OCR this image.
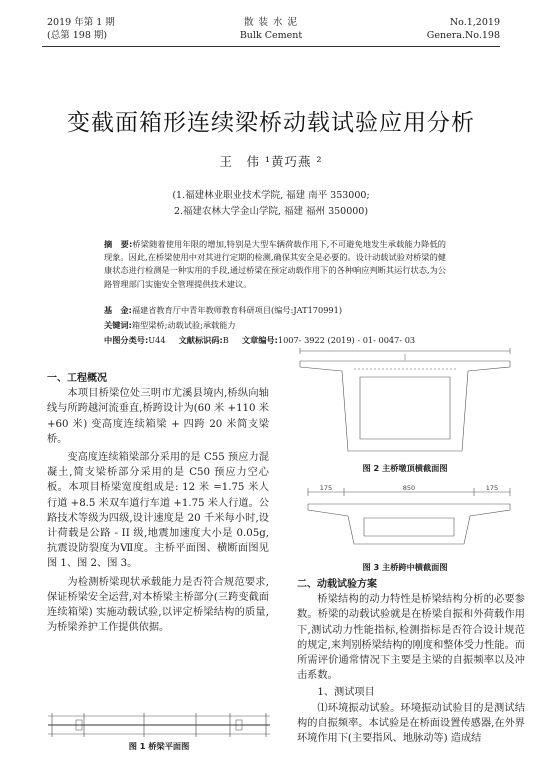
2019 年第 1 期
(总第 198 期)
散 装 水 泥
Bulk Cement
No.1,2019
Genera.No.198
变截面箱形连续梁桥动载试验应用分析
王　伟 ¹黄巧燕 ²
(1.福建林业职业技术学院, 福建 南平 353000;
2.福建农林大学金山学院, 福建 福州 350000)
摘　要:桥梁随着使用年限的增加,特别是大型车辆荷载作用下,不可避免地发生承载能力降低的现象。因此,在桥梁使用中对其进行定期的检测,确保其安全是必要的。设计动载试验对桥梁的健康状态进行检测是一种实用的手段,通过桥梁在预定动载作用下的各种响应判断其运行状态,为公路管理部门实施安全管理提供技术建议。
基　金:福建省教育厅中青年教师教育科研项目(编号:JAT170991)
关键词:箱型梁桥;动载试验;承载能力
中图分类号:U44 文献标识码:B 文章编号:1007- 3922 (2019) - 01- 0047- 03
一、工程概况

本项目桥梁位处三明市尤溪县境内,桥纵向轴线与所跨越河流垂直,桥跨设计为(60 米 +110 米 +60 米) 变高度连续箱梁 + 四跨 20 米简支梁桥。

变高度连续箱梁部分采用的是 C55 预应力混凝土,简支梁桥部分采用的是 C50 预应力空心板。本项目桥梁宽度组成是: 12 米 =1.75 米人行道 +8.5 米双车道行车道 +1.75 米人行道。公路技术等级为四级,设计速度是 20 千米每小时,设计荷载是公路 - II 级,地震加速度大小是 0.05g,抗震设防裂度为Ⅶ度。主桥平面图、横断面图见图 1、图 2、图 3。

为检测桥梁现状承载能力是否符合规范要求,保证桥梁安全运营,对本桥梁主桥部分(三跨变截面连续箱梁) 实施动载试验,以评定桥梁结构的质量,为桥梁养护工作提供依据。

图 1 桥梁平面图
|
图 2 主桥墩顶横截面图
175	850	175
图 3 主桥跨中横截面图
二、动载试验方案

桥梁结构的动力特性是桥梁结构分析的必要参数。桥梁的动载试验就是在桥梁自振和外荷载作用下,测试动力性能指标,检测指标是否符合设计规范的规定,来判别桥梁结构的刚度和整体受力性能。而所需评价通常情况下主要是主梁的自振频率以及冲击系数。

1、测试项目

⑴环境振动试验。环境振动试验目的是测试结构的自振频率。本试验是在桥面设置传感器,在外界环境作用下(主要指风、地脉动等) 造成结
